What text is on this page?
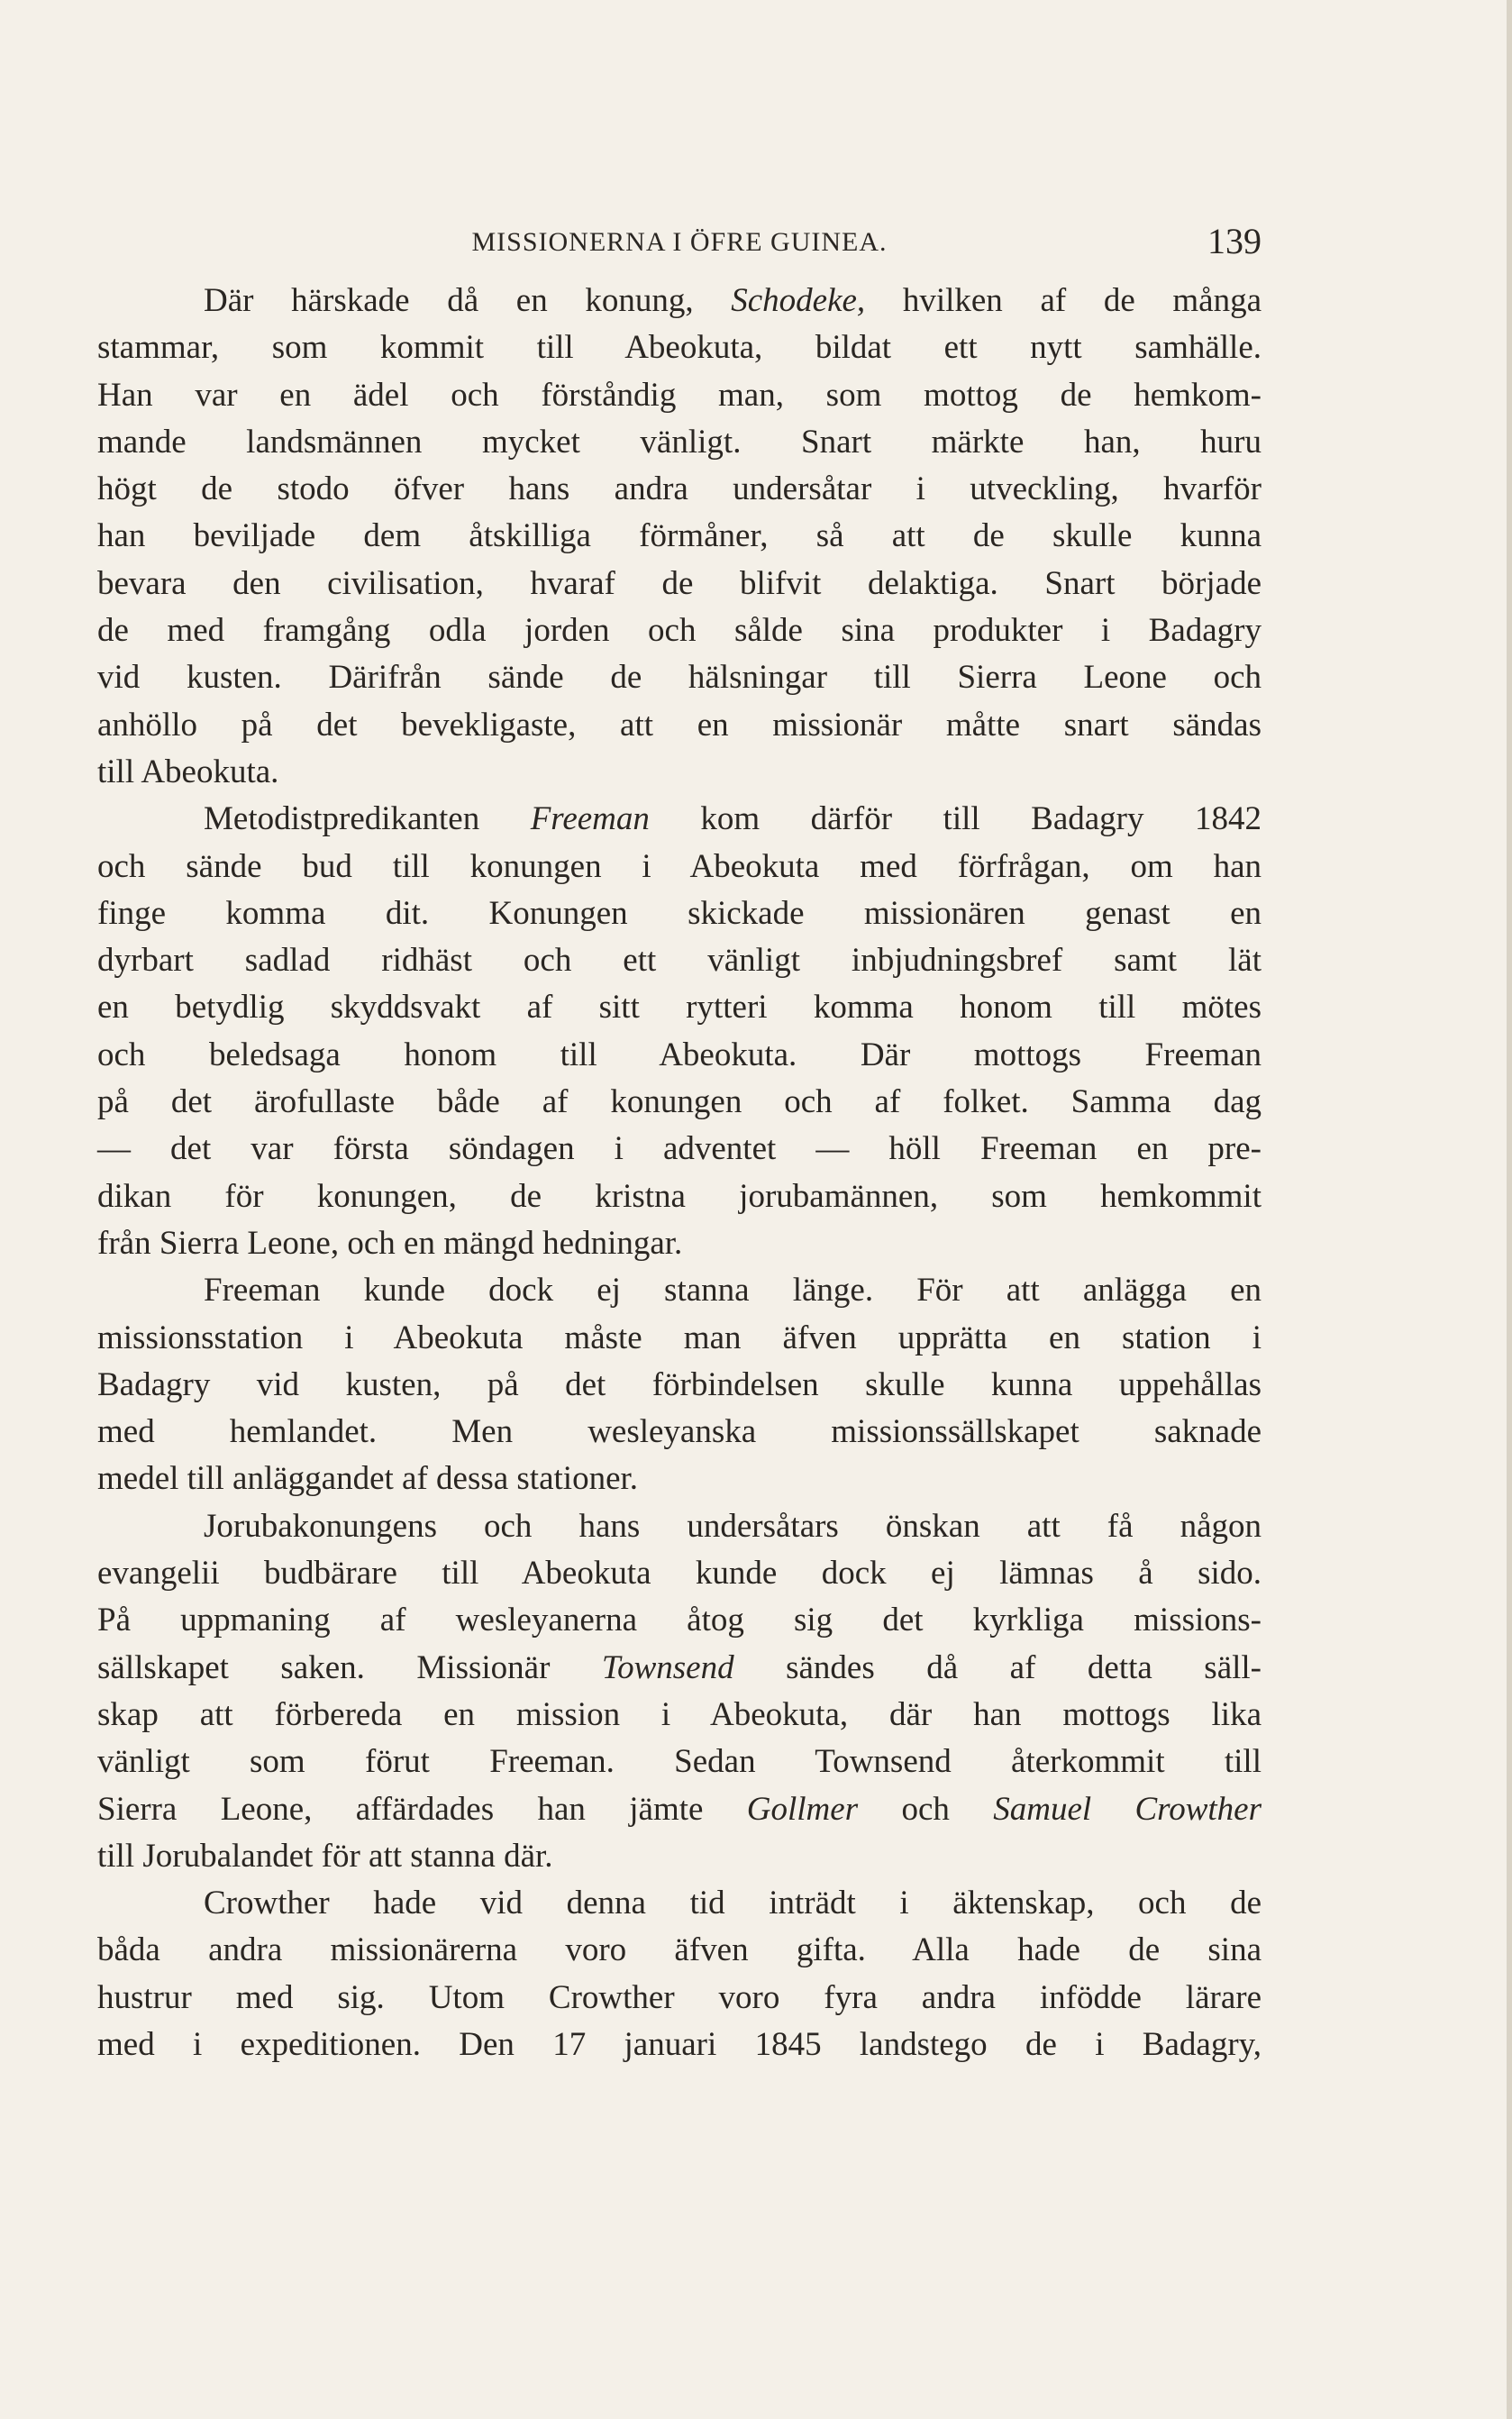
MISSIONERNA I ÖFRE GUINEA.	139
Där härskade då en konung, Schodeke, hvilken af de många
stammar, som kommit till Abeokuta, bildat ett nytt samhälle.
Han var en ädel och förståndig man, som mottog de hemkom-
mande landsmännen mycket vänligt. Snart märkte han, huru
högt de stodo öfver hans andra undersåtar i utveckling, hvarför
han beviljade dem åtskilliga förmåner, så att de skulle kunna
bevara den civilisation, hvaraf de blifvit delaktiga. Snart började
de med framgång odla jorden och sålde sina produkter i Badagry
vid kusten. Därifrån sände de hälsningar till Sierra Leone och
anhöllo på det bevekligaste, att en missionär måtte snart sändas
till Abeokuta.
Metodistpredikanten Freeman kom därför till Badagry 1842
och sände bud till konungen i Abeokuta med förfrågan, om han
finge komma dit. Konungen skickade missionären genast en
dyrbart sadlad ridhäst och ett vänligt inbjudningsbref samt lät
en betydlig skyddsvakt af sitt rytteri komma honom till mötes
och beledsaga honom till Abeokuta. Där mottogs Freeman
på det ärofullaste både af konungen och af folket. Samma dag
— det var första söndagen i adventet — höll Freeman en pre-
dikan för konungen, de kristna jorubamännen, som hemkommit
från Sierra Leone, och en mängd hedningar.
Freeman kunde dock ej stanna länge. För att anlägga en
missionsstation i Abeokuta måste man äfven upprätta en station i
Badagry vid kusten, på det förbindelsen skulle kunna uppehållas
med hemlandet. Men wesleyanska missionssällskapet saknade
medel till anläggandet af dessa stationer.
Jorubakonungens och hans undersåtars önskan att få någon
evangelii budbärare till Abeokuta kunde dock ej lämnas å sido.
På uppmaning af wesleyanerna åtog sig det kyrkliga missions-
sällskapet saken. Missionär Townsend sändes då af detta säll-
skap att förbereda en mission i Abeokuta, där han mottogs lika
vänligt som förut Freeman. Sedan Townsend återkommit till
Sierra Leone, affärdades han jämte Gollmer och Samuel Crowther
till Jorubalandet för att stanna där.
Crowther hade vid denna tid inträdt i äktenskap, och de
båda andra missionärerna voro äfven gifta. Alla hade de sina
hustrur med sig. Utom Crowther voro fyra andra infödde lärare
med i expeditionen. Den 17 januari 1845 landstego de i Badagry,
